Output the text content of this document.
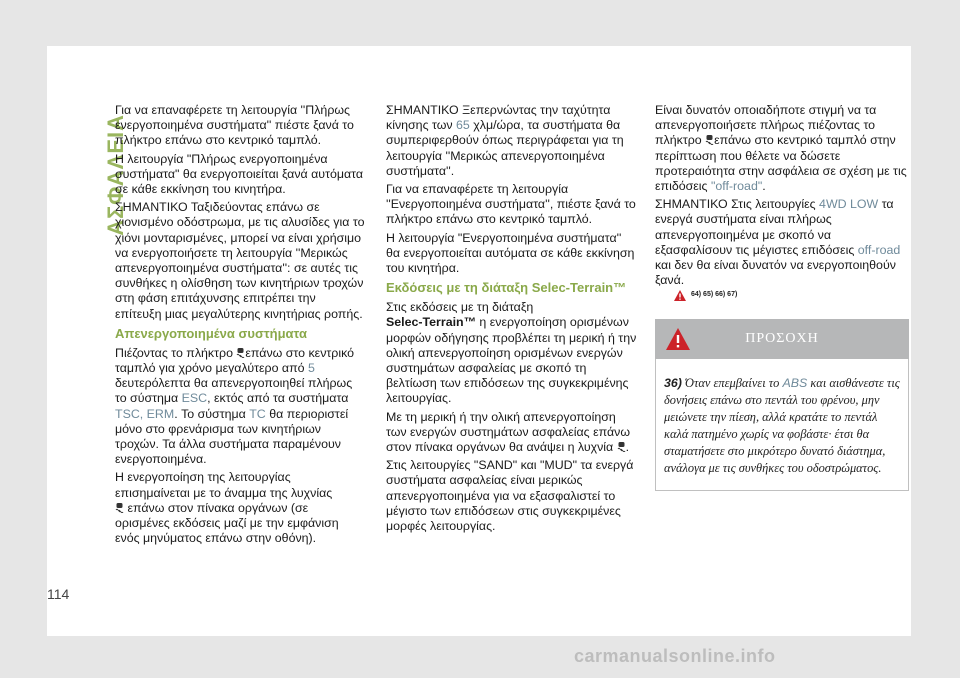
ΑΣΦΑΛΕΙΑ

Για να επαναφέρετε τη λειτουργία ''Πλήρως ενεργοποιημένα συστήματα'' πιέστε ξανά το πλήκτρο επάνω στο κεντρικό ταμπλό.

Η λειτουργία "Πλήρως ενεργοποιημένα συστήματα" θα ενεργοποιείται ξανά αυτόματα σε κάθε εκκίνηση του κινητήρα.

ΣΗΜΑΝΤΙΚΟ Ταξιδεύοντας επάνω σε χιονισμένο οδόστρωμα, με τις αλυσίδες για το χιόνι μονταρισμένες, μπορεί να είναι χρήσιμο να ενεργοποιήσετε τη λειτουργία ''Μερικώς απενεργοποιημένα συστήματα'': σε αυτές τις συνθήκες η ολίσθηση των κινητήριων τροχών στη φάση επιτάχυνσης επιτρέπει την επίτευξη μιας μεγαλύτερης κινητήριας ροπής.

Απενεργοποιημένα συστήματα

Πιέζοντας το πλήκτρο επάνω στο κεντρικό ταμπλό για χρόνο μεγαλύτερο από 5 δευτερόλεπτα θα απενεργοποιηθεί πλήρως το σύστημα ESC, εκτός από τα συστήματα TSC, ERM. Το σύστημα TC θα περιοριστεί μόνο στο φρενάρισμα των κινητήριων τροχών. Τα άλλα συστήματα παραμένουν ενεργοποιημένα.

Η ενεργοποίηση της λειτουργίας επισημαίνεται με το άναμμα της λυχνίας
επάνω στον πίνακα οργάνων (σε ορισμένες εκδόσεις μαζί με την εμφάνιση ενός μηνύματος επάνω στην οθόνη).

ΣΗΜΑΝΤΙΚΟ Ξεπερνώντας την ταχύτητα κίνησης των 65 χλμ/ώρα, τα συστήματα θα συμπεριφερθούν όπως περιγράφεται για τη λειτουργία ''Μερικώς απενεργοποιημένα συστήματα''.

Για να επαναφέρετε τη λειτουργία ''Ενεργοποιημένα συστήματα'', πιέστε ξανά το πλήκτρο επάνω στο κεντρικό ταμπλό.

Η λειτουργία "Ενεργοποιημένα συστήματα'' θα ενεργοποιείται αυτόματα σε κάθε εκκίνηση του κινητήρα.

Εκδόσεις με τη διάταξη Selec-Terrain™

Στις εκδόσεις με τη διάταξη
Selec-Terrain™ η ενεργοποίηση ορισμένων μορφών οδήγησης προβλέπει τη μερική ή την ολική απενεργοποίηση ορισμένων ενεργών συστημάτων ασφαλείας με σκοπό τη βελτίωση των επιδόσεων της συγκεκριμένης λειτουργίας.

Με τη μερική ή την ολική απενεργοποίηση των ενεργών συστημάτων ασφαλείας επάνω στον πίνακα οργάνων θα ανάψει η λυχνία .

Στις λειτουργίες "SAND" και "MUD" τα ενεργά συστήματα ασφαλείας είναι μερικώς απενεργοποιημένα για να εξασφαλιστεί το μέγιστο των επιδόσεων στις συγκεκριμένες μορφές λειτουργίας.

Είναι δυνατόν οποιαδήποτε στιγμή να τα απενεργοποιήσετε πλήρως πιέζοντας το πλήκτρο επάνω στο κεντρικό ταμπλό στην περίπτωση που θέλετε να δώσετε προτεραιότητα στην ασφάλεια σε σχέση με τις επιδόσεις "off-road".

ΣΗΜΑΝΤΙΚΟ Στις λειτουργίες 4WD LOW τα ενεργά συστήματα είναι πλήρως απενεργοποιημένα με σκοπό να εξασφαλίσουν τις μέγιστες επιδόσεις off-road και δεν θα είναι δυνατόν να ενεργοποιηθούν ξανά.

64) 65) 66) 67)
ΠΡΟΣΟΧΗ
36) Όταν επεμβαίνει το ABS και αισθάνεστε τις δονήσεις επάνω στο πεντάλ του φρένου, μην μειώνετε την πίεση, αλλά κρατάτε το πεντάλ καλά πατημένο χωρίς να φοβάστε· έτσι θα σταματήσετε στο μικρότερο δυνατό διάστημα, ανάλογα με τις συνθήκες του οδοστρώματος.
114
carmanualsonline.info
